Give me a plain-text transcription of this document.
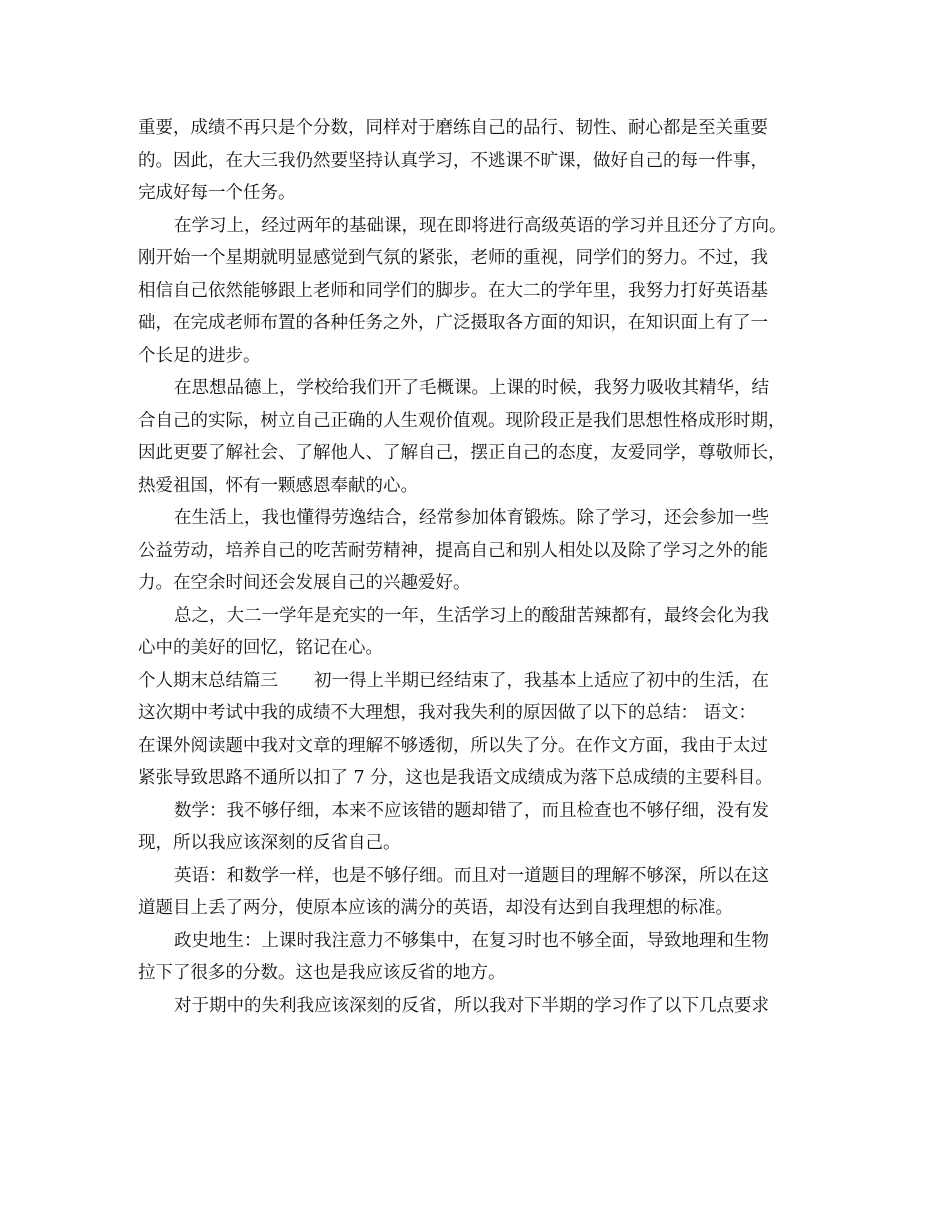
重要，成绩不再只是个分数，同样对于磨练自己的品行、韧性、耐心都是至关重要
的。因此，在大三我仍然要坚持认真学习，不逃课不旷课，做好自己的每一件事，
完成好每一个任务。
在学习上，经过两年的基础课，现在即将进行高级英语的学习并且还分了方向。
刚开始一个星期就明显感觉到气氛的紧张，老师的重视，同学们的努力。不过，我
相信自己依然能够跟上老师和同学们的脚步。在大二的学年里，我努力打好英语基
础，在完成老师布置的各种任务之外，广泛摄取各方面的知识，在知识面上有了一
个长足的进步。
在思想品德上，学校给我们开了毛概课。上课的时候，我努力吸收其精华，结
合自己的实际，树立自己正确的人生观价值观。现阶段正是我们思想性格成形时期，
因此更要了解社会、了解他人、了解自己，摆正自己的态度，友爱同学，尊敬师长，
热爱祖国，怀有一颗感恩奉献的心。
在生活上，我也懂得劳逸结合，经常参加体育锻炼。除了学习，还会参加一些
公益劳动，培养自己的吃苦耐劳精神，提高自己和别人相处以及除了学习之外的能
力。在空余时间还会发展自己的兴趣爱好。
总之，大二一学年是充实的一年，生活学习上的酸甜苦辣都有，最终会化为我
心中的美好的回忆，铭记在心。
个人期末总结篇三 初一得上半期已经结束了，我基本上适应了初中的生活，在
这次期中考试中我的成绩不大理想，我对我失利的原因做了以下的总结： 语文：
在课外阅读题中我对文章的理解不够透彻，所以失了分。在作文方面，我由于太过
紧张导致思路不通所以扣了 7 分，这也是我语文成绩成为落下总成绩的主要科目。
数学：我不够仔细，本来不应该错的题却错了，而且检查也不够仔细，没有发
现，所以我应该深刻的反省自己。
英语：和数学一样，也是不够仔细。而且对一道题目的理解不够深，所以在这
道题目上丢了两分，使原本应该的满分的英语，却没有达到自我理想的标准。
政史地生：上课时我注意力不够集中，在复习时也不够全面，导致地理和生物
拉下了很多的分数。这也是我应该反省的地方。
对于期中的失利我应该深刻的反省，所以我对下半期的学习作了以下几点要求
